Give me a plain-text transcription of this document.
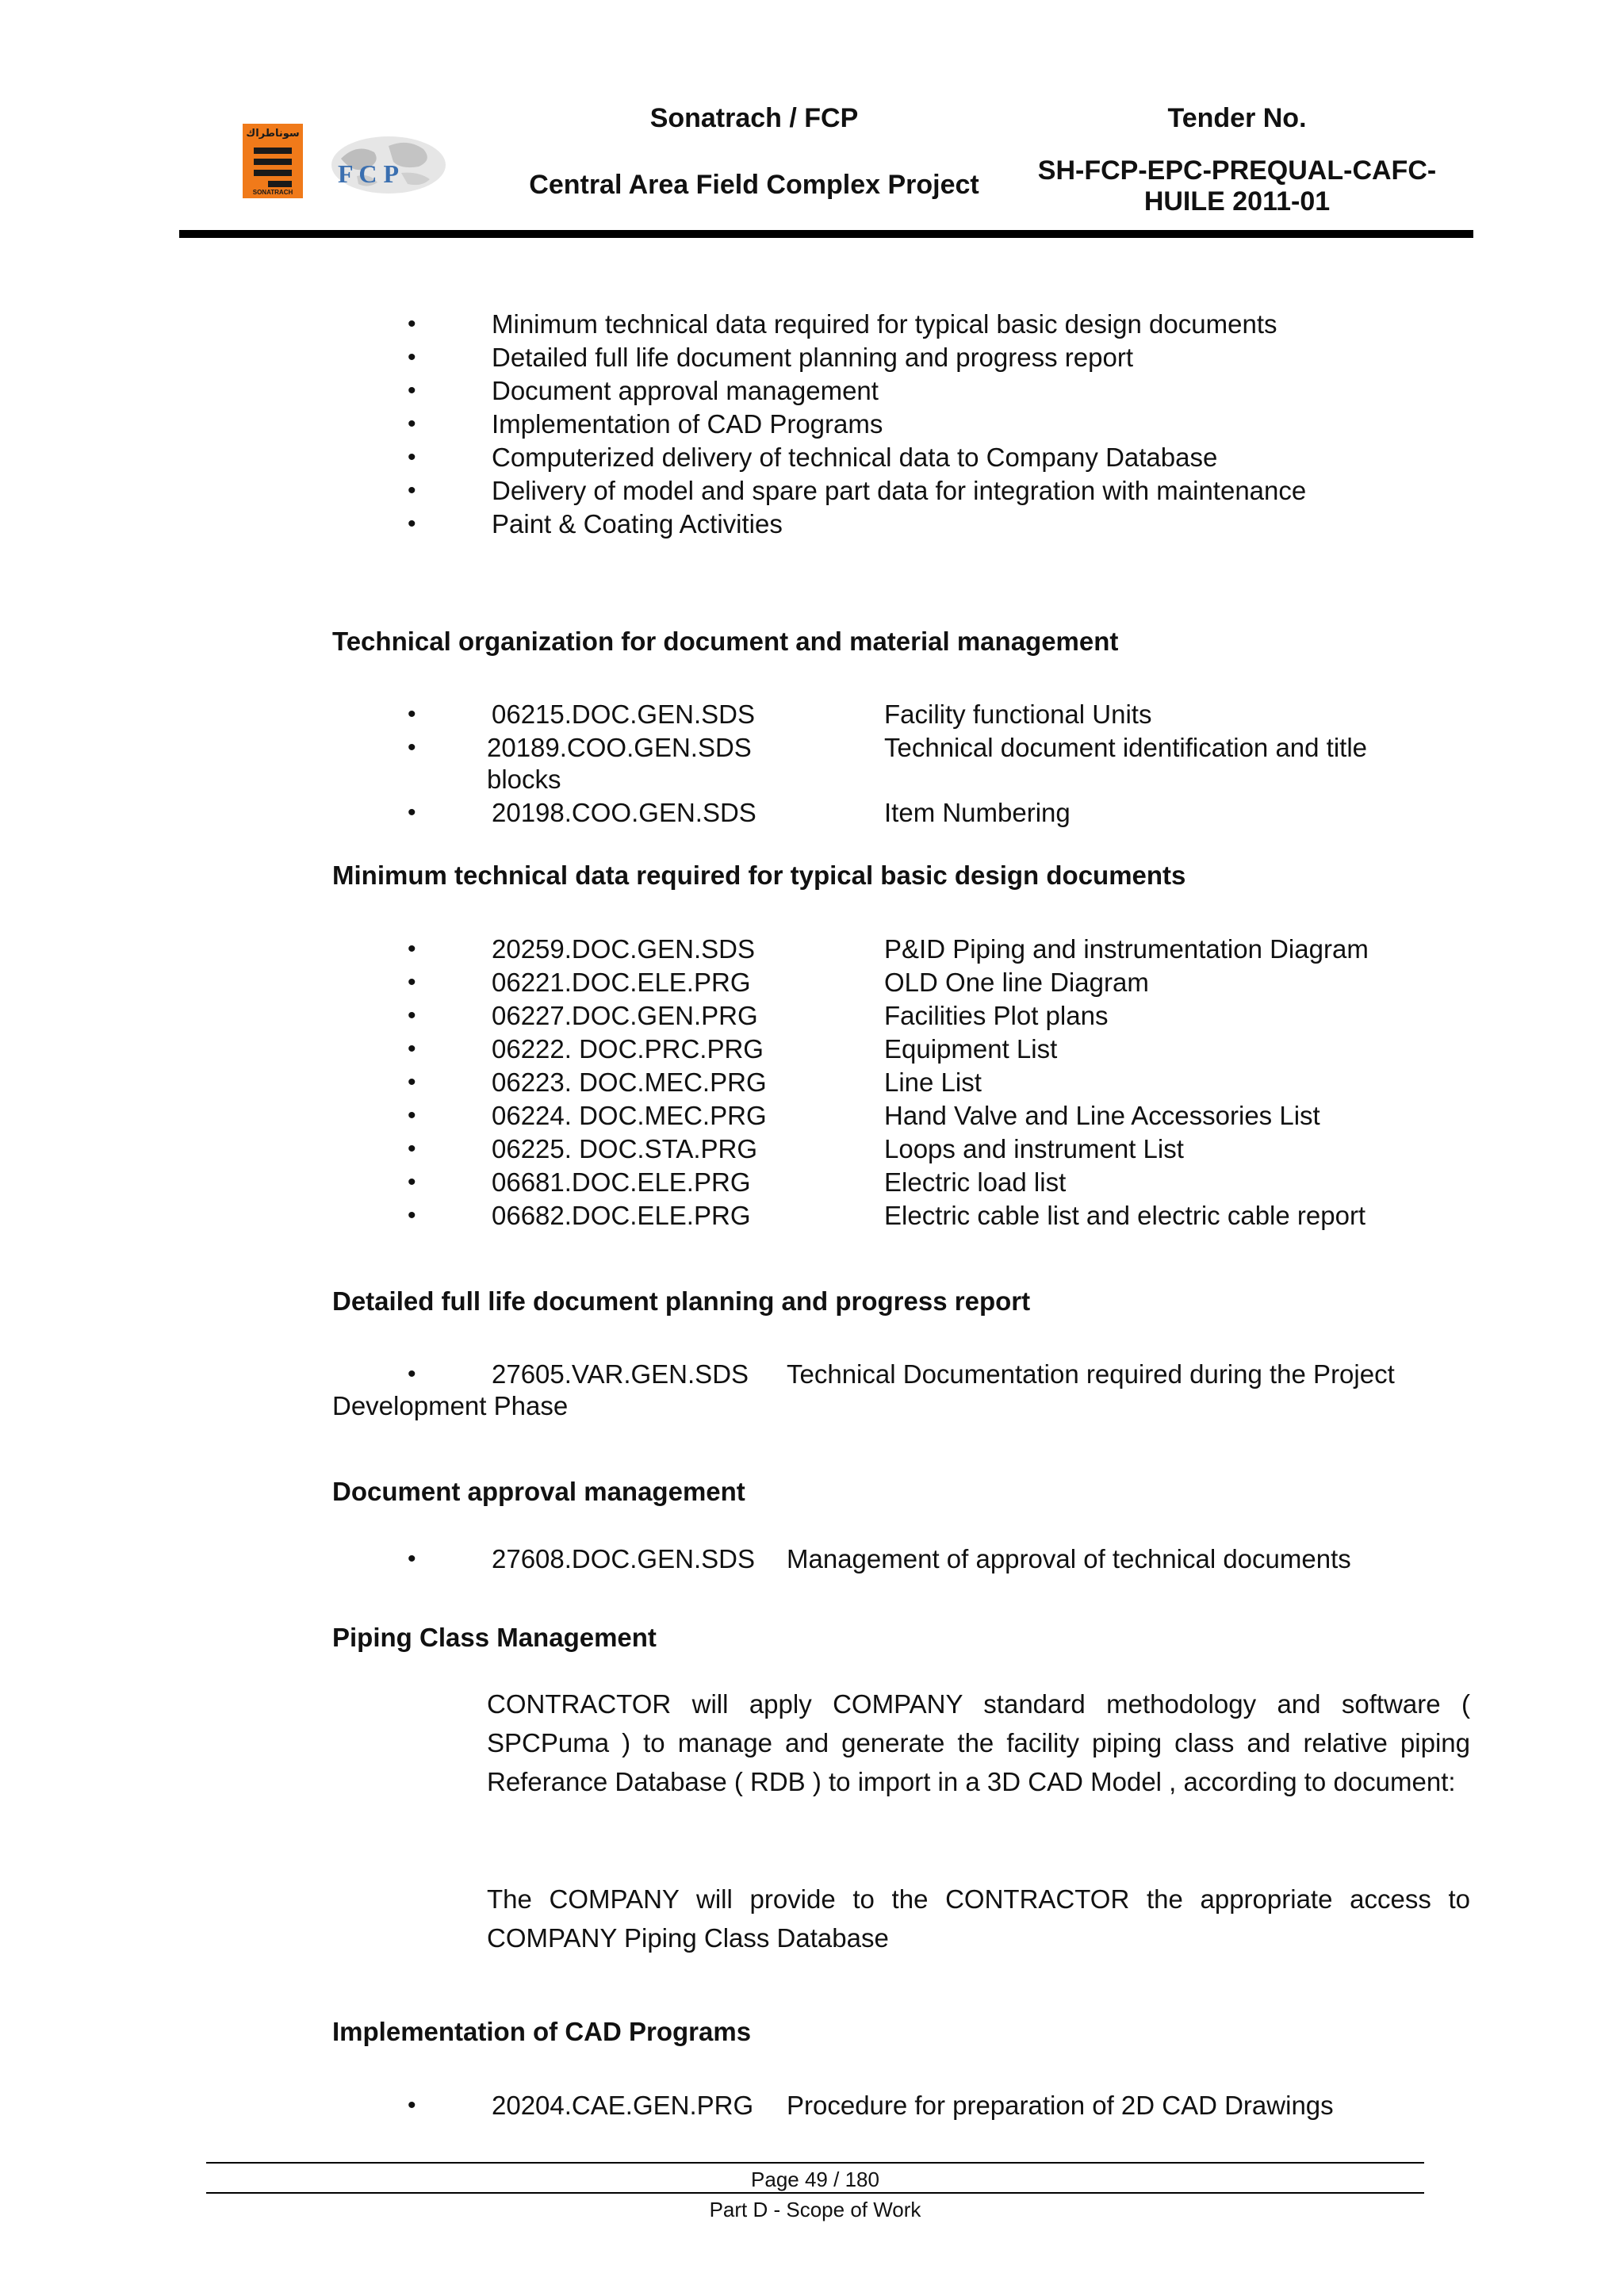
سوناطراك
SONATRACH
F C P
Sonatrach / FCP
Central Area Field Complex Project
Tender No.
SH-FCP-EPC-PREQUAL-CAFC-
HUILE 2011-01
•	Minimum technical data required for typical basic design documents
•	Detailed full life document planning and progress report
•	Document approval management
•	Implementation of CAD Programs
•	Computerized delivery of technical data to Company Database
•	Delivery of model and spare part data for integration with maintenance
•	Paint & Coating Activities
Technical organization for document and material management
•	06215.DOC.GEN.SDS	Facility functional Units
•	20189.COO.GEN.SDS	Technical document identification and title
blocks
•	20198.COO.GEN.SDS	Item Numbering
Minimum technical data required for typical basic design documents
•	20259.DOC.GEN.SDS	P&ID Piping and instrumentation Diagram
•	06221.DOC.ELE.PRG	OLD One line Diagram
•	06227.DOC.GEN.PRG	Facilities Plot plans
•	06222. DOC.PRC.PRG	Equipment List
•	06223. DOC.MEC.PRG	Line List
•	06224. DOC.MEC.PRG	Hand Valve and Line Accessories List
•	06225. DOC.STA.PRG	Loops and instrument List
•	06681.DOC.ELE.PRG	Electric load list
•	06682.DOC.ELE.PRG	Electric cable list and electric cable report
Detailed full life document planning and progress report
•	27605.VAR.GEN.SDS Technical Documentation required during the Project
Development Phase
Document approval management
•	27608.DOC.GEN.SDS Management of approval of technical documents
Piping Class Management
CONTRACTOR will apply COMPANY standard methodology and software ( SPCPuma ) to manage and generate the facility piping class and relative piping Referance Database ( RDB ) to import in a 3D CAD Model , according to document:
The COMPANY will provide to the CONTRACTOR the appropriate access to COMPANY Piping Class Database
Implementation of CAD Programs
•	20204.CAE.GEN.PRG Procedure for preparation of 2D CAD Drawings
Page 49 / 180
Part D - Scope of Work
